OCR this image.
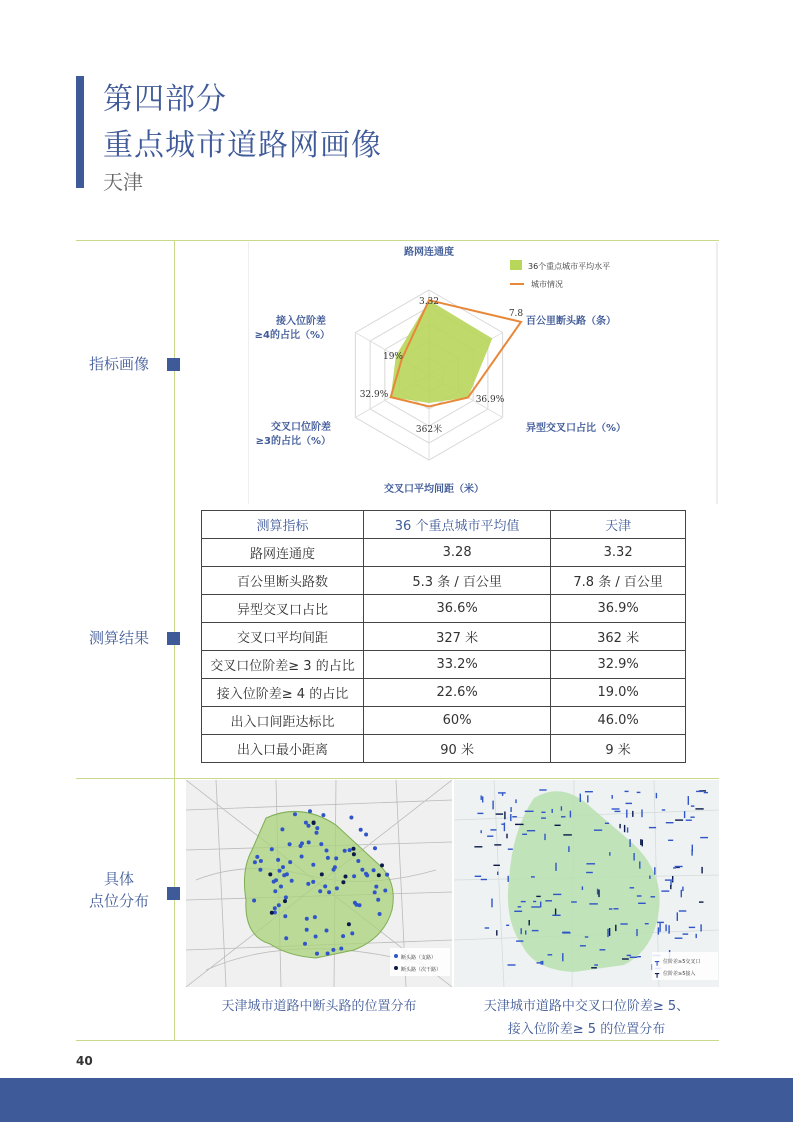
第四部分
重点城市道路网画像
天津
指标画像
测算结果
具体
点位分布
3.32
7.8
36.9%
362米
32.9%
19%
路网连通度
百公里断头路（条）
异型交叉口占比（%）
交叉口平均间距（米）
交叉口位阶差
≥3的占比（%）
接入位阶差
≥4的占比（%）
36个重点城市平均水平
城市情况
测算指标	36 个重点城市平均值	天津
路网连通度	3.28	3.32
百公里断头路数	5.3 条 / 百公里	7.8 条 / 百公里
异型交叉口占比	36.6%	36.9%
交叉口平均间距	327 米	362 米
交叉口位阶差≥ 3 的占比	33.2%	32.9%
接入位阶差≥ 4 的占比	22.6%	19.0%
出入口间距达标比	60%	46.0%
出入口最小距离	90 米	9 米
断头路（支路）
断头路（次干路）
┳ 位阶差≥5交叉口
┳ 位阶差≥5接入
天津城市道路中断头路的位置分布	天津城市道路中交叉口位阶差≥ 5、
接入位阶差≥ 5 的位置分布
40
